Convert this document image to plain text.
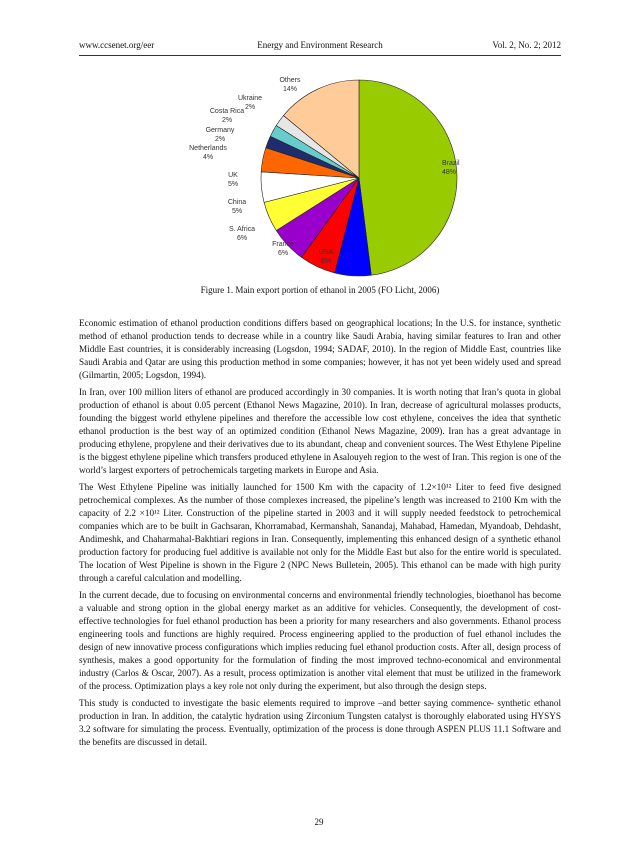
www.ccsenet.org/eer	Energy and Environment Research	Vol. 2, No. 2; 2012
Brazil 48%
USA 6%
France 6%
S. Africa 6%
China 5%
UK 5%
Netherlands 4%
Germany 2%
Costa Rica 2%
Ukraine 2%
Others 14%
Figure 1. Main export portion of ethanol in 2005 (FO Licht, 2006)

Economic estimation of ethanol production conditions differs based on geographical locations; In the U.S. for instance, synthetic method of ethanol production tends to decrease while in a country like Saudi Arabia, having similar features to Iran and other Middle East countries, it is considerably increasing (Logsdon, 1994; SADAF, 2010). In the region of Middle East, countries like Saudi Arabia and Qatar are using this production method in some companies; however, it has not yet been widely used and spread (Gilmartin, 2005; Logsdon, 1994).

In Iran, over 100 million liters of ethanol are produced accordingly in 30 companies. It is worth noting that Iran’s quota in global production of ethanol is about 0.05 percent (Ethanol News Magazine, 2010). In Iran, decrease of agricultural molasses products, founding the biggest world ethylene pipelines and therefore the accessible low cost ethylene, conceives the idea that synthetic ethanol production is the best way of an optimized condition (Ethanol News Magazine, 2009). Iran has a great advantage in producing ethylene, propylene and their derivatives due to its abundant, cheap and convenient sources. The West Ethylene Pipeline is the biggest ethylene pipeline which transfers produced ethylene in Asalouyeh region to the west of Iran. This region is one of the world’s largest exporters of petrochemicals targeting markets in Europe and Asia.

The West Ethylene Pipeline was initially launched for 1500 Km with the capacity of 1.2×10¹² Liter to feed five designed petrochemical complexes. As the number of those complexes increased, the pipeline’s length was increased to 2100 Km with the capacity of 2.2 ×10¹² Liter. Construction of the pipeline started in 2003 and it will supply needed feedstock to petrochemical companies which are to be built in Gachsaran, Khorramabad, Kermanshah, Sanandaj, Mahabad, Hamedan, Myandoab, Dehdasht, Andimeshk, and Chaharmahal-Bakhtiari regions in Iran. Consequently, implementing this enhanced design of a synthetic ethanol production factory for producing fuel additive is available not only for the Middle East but also for the entire world is speculated. The location of West Pipeline is shown in the Figure 2 (NPC News Bulletein, 2005). This ethanol can be made with high purity through a careful calculation and modelling.

In the current decade, due to focusing on environmental concerns and environmental friendly technologies, bioethanol has become a valuable and strong option in the global energy market as an additive for vehicles. Consequently, the development of cost-effective technologies for fuel ethanol production has been a priority for many researchers and also governments. Ethanol process engineering tools and functions are highly required. Process engineering applied to the production of fuel ethanol includes the design of new innovative process configurations which implies reducing fuel ethanol production costs. After all, design process of synthesis, makes a good opportunity for the formulation of finding the most improved techno-economical and environmental industry (Carlos & Oscar, 2007). As a result, process optimization is another vital element that must be utilized in the framework of the process. Optimization plays a key role not only during the experiment, but also through the design steps.

This study is conducted to investigate the basic elements required to improve –and better saying commence- synthetic ethanol production in Iran. In addition, the catalytic hydration using Zirconium Tungsten catalyst is thoroughly elaborated using HYSYS 3.2 software for simulating the process. Eventually, optimization of the process is done through ASPEN PLUS 11.1 Software and the benefits are discussed in detail.

29
